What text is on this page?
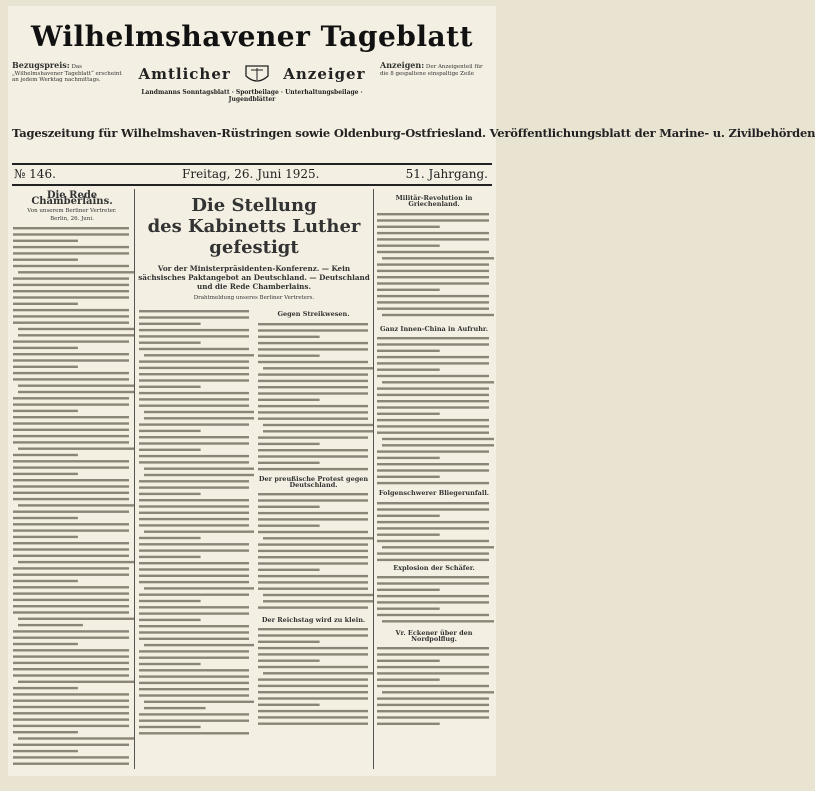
Wilhelmshavener Tageblatt
Bezugspreis: Das „Wilhelmshavener Tageblatt“ erscheint an jedem Werktag nachmittags.	Amtlicher	Anzeiger
Landmanns Sonntagsblatt · Sportbeilage · Unterhaltungsbeilage · Jugendblätter
Anzeigen: Der Anzeigenteil für die 8 gespaltene einspaltige Zeile
Tageszeitung für Wilhelmshaven-Rüstringen sowie Oldenburg-Ostfriesland. Veröffentlichungsblatt der Marine- u. Zivilbehörden
№ 146.	Freitag, 26. Juni 1925.	51. Jahrgang.
Die Rede Chamberlains.
Von unserem Berliner Vertreter.
Berlin, 26. Juni.
Die Stellung
des Kabinetts Luther gefestigt
Vor der Ministerpräsidenten-Konferenz. — Kein sächsisches Paktangebot an Deutschland. — Deutschland und die Rede Chamberlains.
Drahtmeldung unseres Berliner Vertreters.
Gegen Streikwesen.
Der preußische Protest gegen Deutschland.
Der Reichstag wird zu klein.
Militär-Revolution in Griechenland.
Ganz Innen-China in Aufruhr.
Folgenschwerer Bliegerunfall.
Explosion der Schäfer.
Vr. Eckener über den Nordpolflug.
